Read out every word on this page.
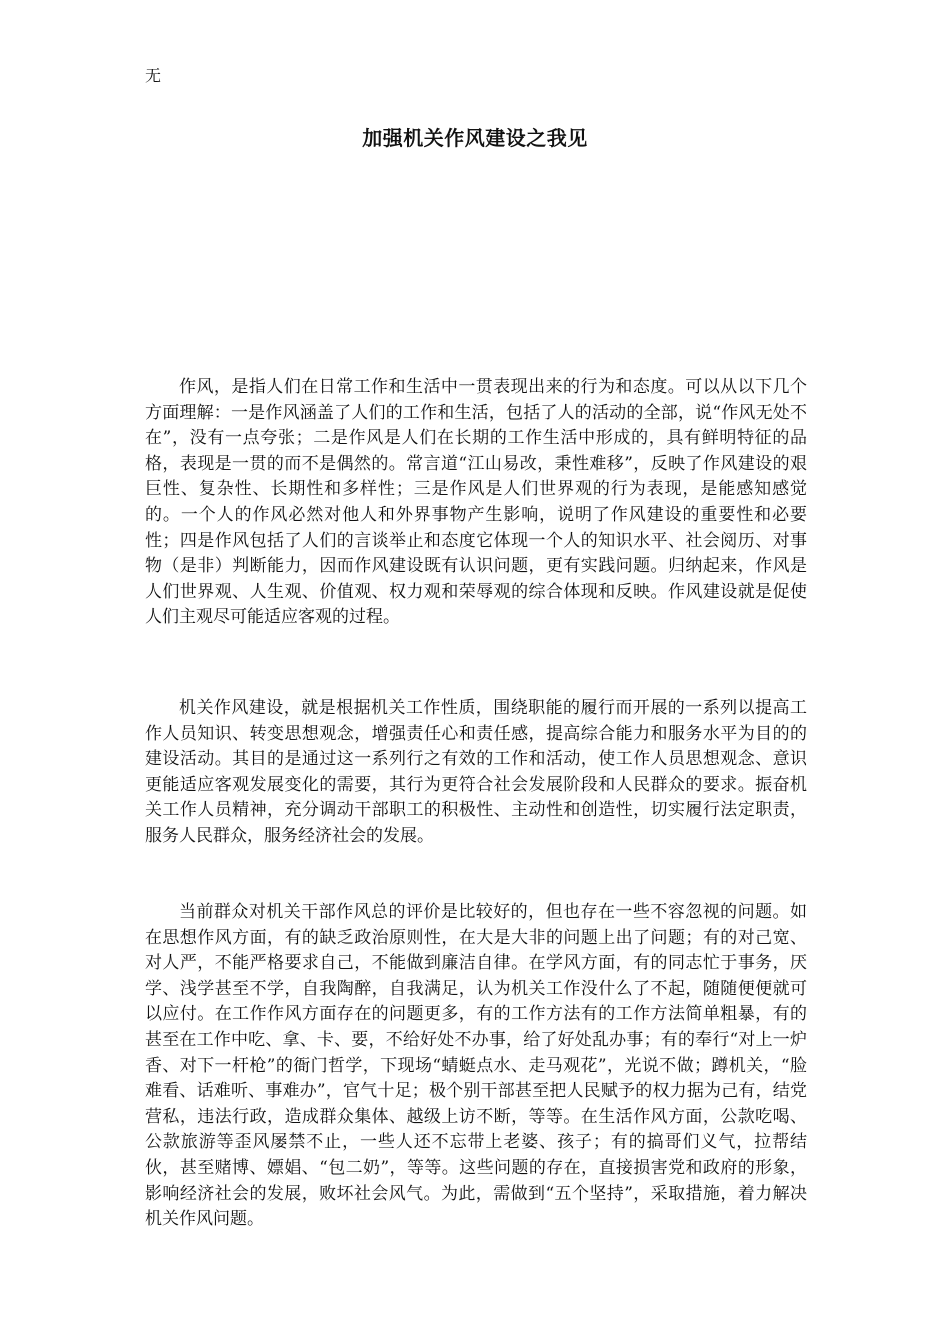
无
加强机关作风建设之我见

作风，是指人们在日常工作和生活中一贯表现出来的行为和态度。可以从以下几个方面理解：一是作风涵盖了人们的工作和生活，包括了人的活动的全部，说“作风无处不在”，没有一点夸张；二是作风是人们在长期的工作生活中形成的，具有鲜明特征的品格，表现是一贯的而不是偶然的。常言道“江山易改，秉性难移”，反映了作风建设的艰巨性、复杂性、长期性和多样性；三是作风是人们世界观的行为表现，是能感知感觉的。一个人的作风必然对他人和外界事物产生影响，说明了作风建设的重要性和必要性；四是作风包括了人们的言谈举止和态度它体现一个人的知识水平、社会阅历、对事物（是非）判断能力，因而作风建设既有认识问题，更有实践问题。归纳起来，作风是人们世界观、人生观、价值观、权力观和荣辱观的综合体现和反映。作风建设就是促使人们主观尽可能适应客观的过程。

机关作风建设，就是根据机关工作性质，围绕职能的履行而开展的一系列以提高工作人员知识、转变思想观念，增强责任心和责任感，提高综合能力和服务水平为目的的建设活动。其目的是通过这一系列行之有效的工作和活动，使工作人员思想观念、意识更能适应客观发展变化的需要，其行为更符合社会发展阶段和人民群众的要求。振奋机关工作人员精神，充分调动干部职工的积极性、主动性和创造性，切实履行法定职责，服务人民群众，服务经济社会的发展。

当前群众对机关干部作风总的评价是比较好的，但也存在一些不容忽视的问题。如在思想作风方面，有的缺乏政治原则性，在大是大非的问题上出了问题；有的对己宽、对人严，不能严格要求自己，不能做到廉洁自律。在学风方面，有的同志忙于事务，厌学、浅学甚至不学，自我陶醉，自我满足，认为机关工作没什么了不起，随随便便就可以应付。在工作作风方面存在的问题更多，有的工作方法有的工作方法简单粗暴，有的甚至在工作中吃、拿、卡、要，不给好处不办事，给了好处乱办事；有的奉行“对上一炉香、对下一杆枪”的衙门哲学，下现场“蜻蜓点水、走马观花”，光说不做；蹲机关，“脸难看、话难听、事难办”，官气十足；极个别干部甚至把人民赋予的权力据为己有，结党营私，违法行政，造成群众集体、越级上访不断，等等。在生活作风方面，公款吃喝、公款旅游等歪风屡禁不止，一些人还不忘带上老婆、孩子；有的搞哥们义气，拉帮结伙，甚至赌博、嫖娼、“包二奶”，等等。这些问题的存在，直接损害党和政府的形象，影响经济社会的发展，败坏社会风气。为此，需做到“五个坚持”，采取措施，着力解决机关作风问题。
